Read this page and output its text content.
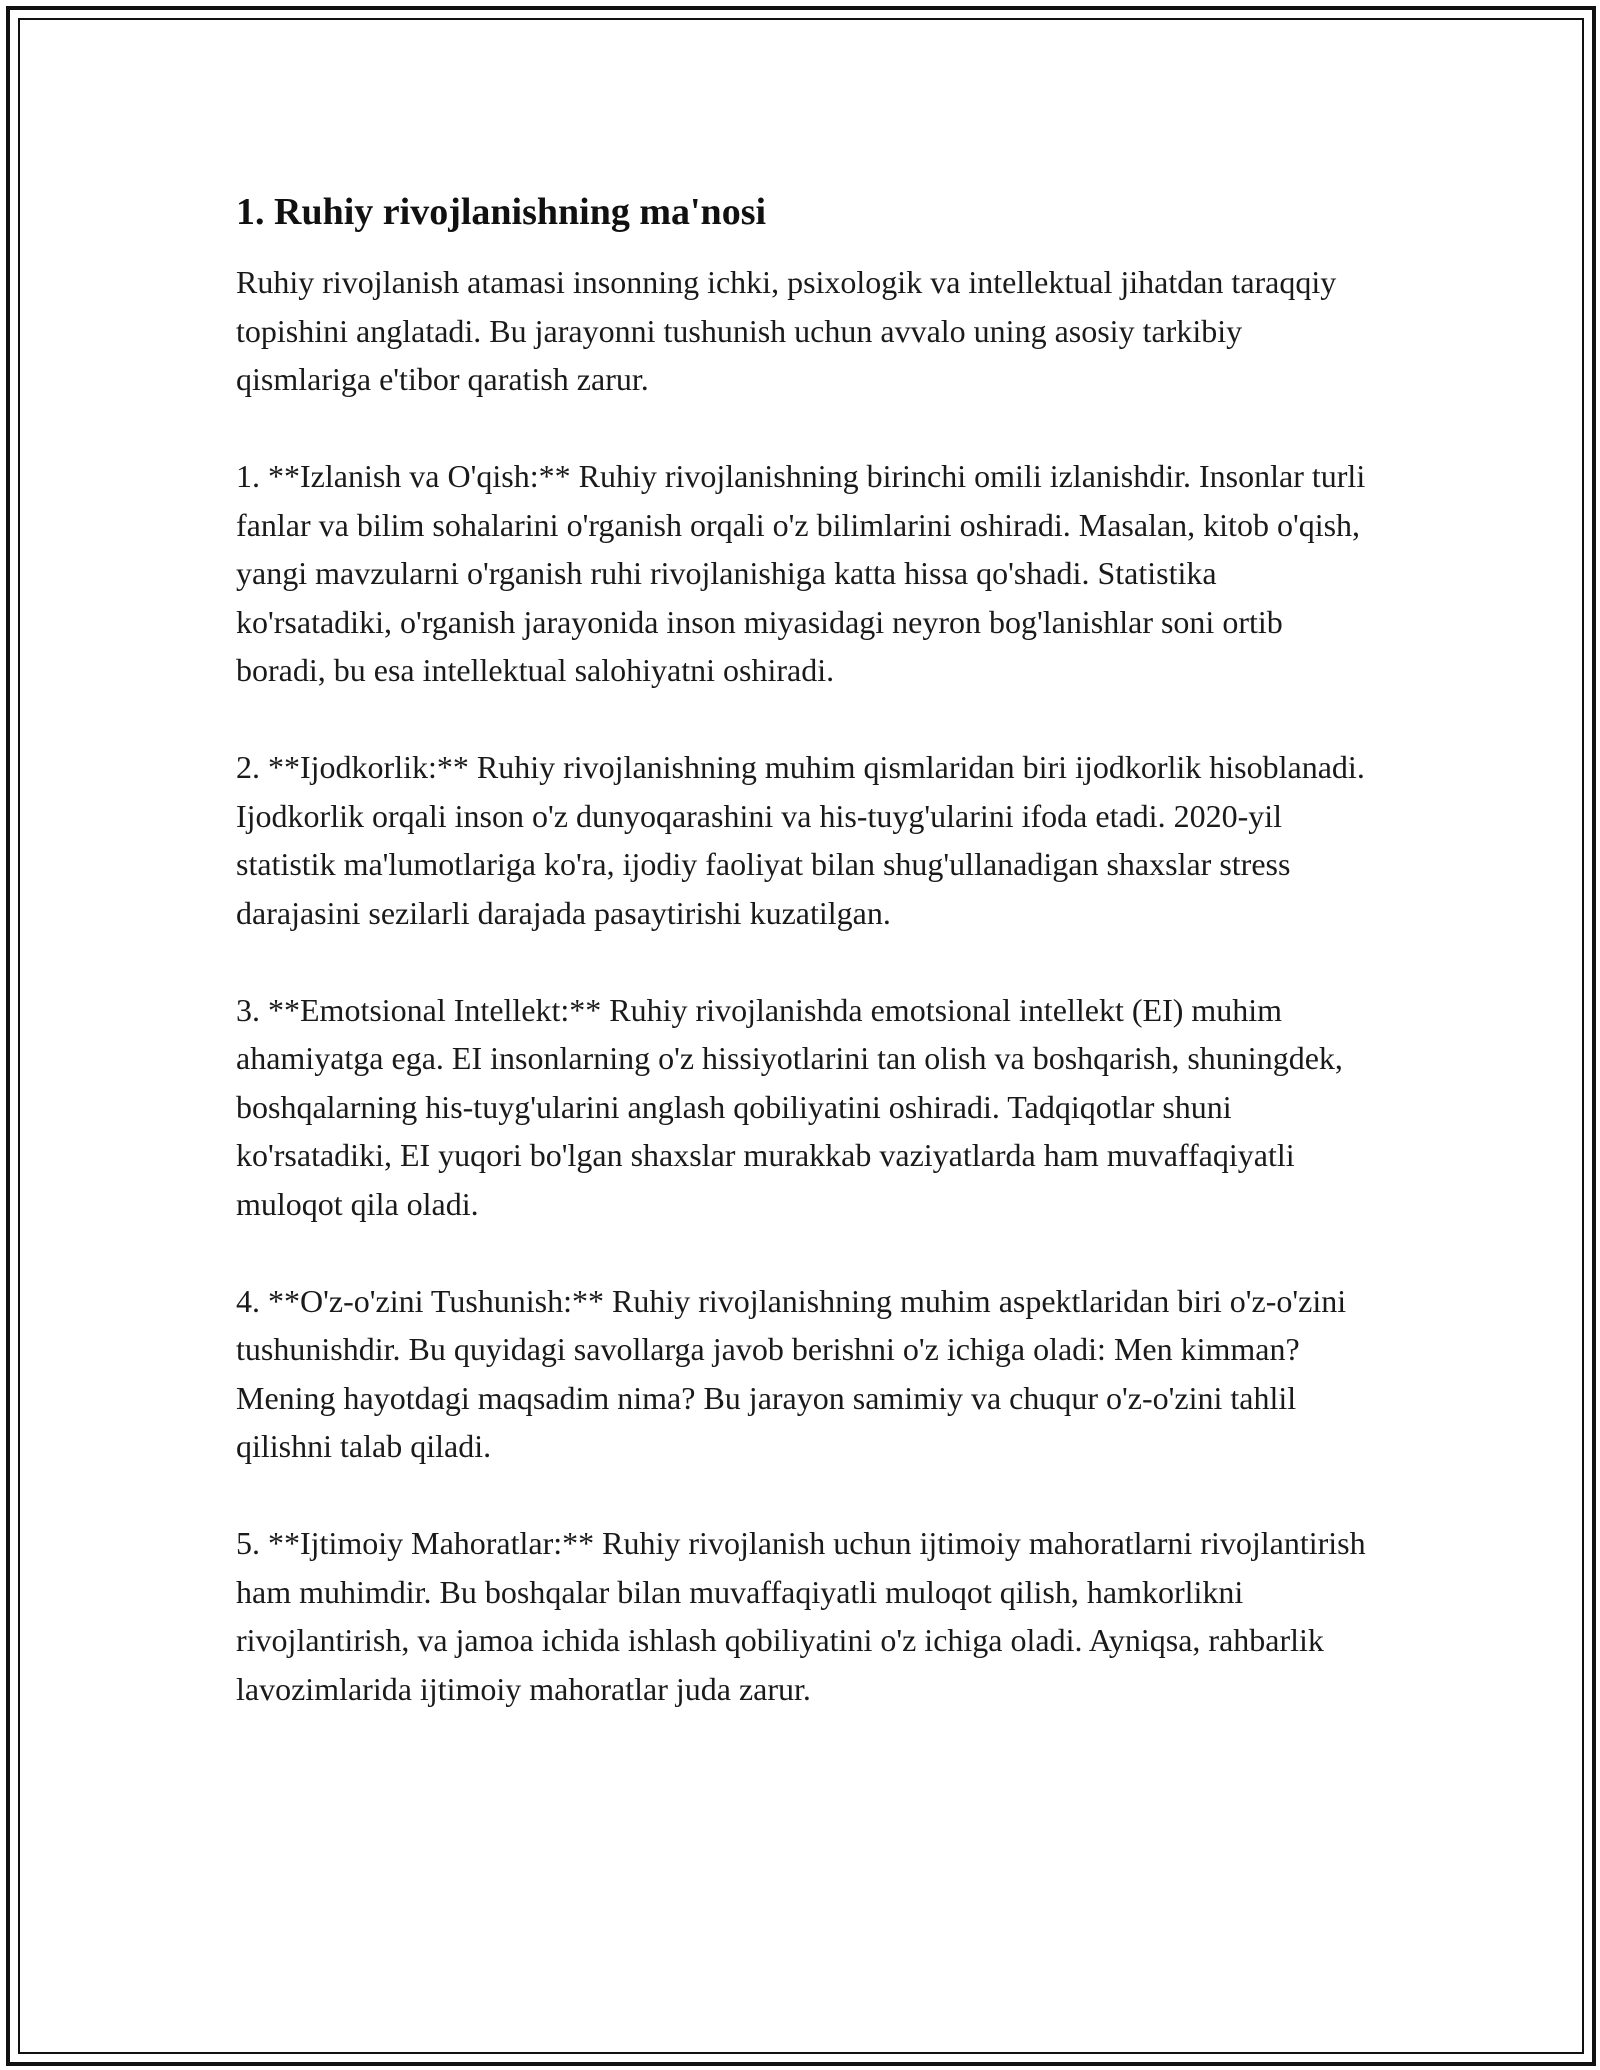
1. Ruhiy rivojlanishning ma'nosi

Ruhiy rivojlanish atamasi insonning ichki, psixologik va intellektual jihatdan taraqqiy topishini anglatadi. Bu jarayonni tushunish uchun avvalo uning asosiy tarkibiy qismlariga e'tibor qaratish zarur.

1. **Izlanish va O'qish:** Ruhiy rivojlanishning birinchi omili izlanishdir. Insonlar turli fanlar va bilim sohalarini o'rganish orqali o'z bilimlarini oshiradi. Masalan, kitob o'qish, yangi mavzularni o'rganish ruhi rivojlanishiga katta hissa qo'shadi. Statistika ko'rsatadiki, o'rganish jarayonida inson miyasidagi neyron bog'lanishlar soni ortib boradi, bu esa intellektual salohiyatni oshiradi.

2. **Ijodkorlik:** Ruhiy rivojlanishning muhim qismlaridan biri ijodkorlik hisoblanadi. Ijodkorlik orqali inson o'z dunyoqarashini va his-tuyg'ularini ifoda etadi. 2020-yil statistik ma'lumotlariga ko'ra, ijodiy faoliyat bilan shug'ullanadigan shaxslar stress darajasini sezilarli darajada pasaytirishi kuzatilgan.

3. **Emotsional Intellekt:** Ruhiy rivojlanishda emotsional intellekt (EI) muhim ahamiyatga ega. EI insonlarning o'z hissiyotlarini tan olish va boshqarish, shuningdek, boshqalarning his-tuyg'ularini anglash qobiliyatini oshiradi. Tadqiqotlar shuni ko'rsatadiki, EI yuqori bo'lgan shaxslar murakkab vaziyatlarda ham muvaffaqiyatli muloqot qila oladi.

4. **O'z-o'zini Tushunish:** Ruhiy rivojlanishning muhim aspektlaridan biri o'z-o'zini tushunishdir. Bu quyidagi savollarga javob berishni o'z ichiga oladi: Men kimman? Mening hayotdagi maqsadim nima? Bu jarayon samimiy va chuqur o'z-o'zini tahlil qilishni talab qiladi.

5. **Ijtimoiy Mahoratlar:** Ruhiy rivojlanish uchun ijtimoiy mahoratlarni rivojlantirish ham muhimdir. Bu boshqalar bilan muvaffaqiyatli muloqot qilish, hamkorlikni rivojlantirish, va jamoa ichida ishlash qobiliyatini o'z ichiga oladi. Ayniqsa, rahbarlik lavozimlarida ijtimoiy mahoratlar juda zarur.
